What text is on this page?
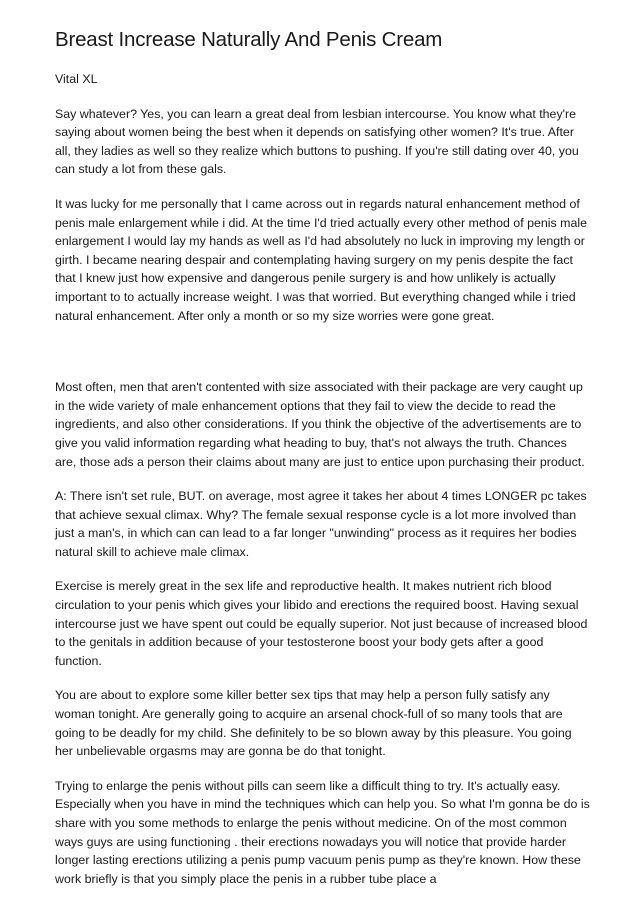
Breast Increase Naturally And Penis Cream
Vital XL

Say whatever? Yes, you can learn a great deal from lesbian intercourse. You know what they're saying about women being the best when it depends on satisfying other women? It's true. After all, they ladies as well so they realize which buttons to pushing. If you're still dating over 40, you can study a lot from these gals.

It was lucky for me personally that I came across out in regards natural enhancement method of penis male enlargement while i did. At the time I'd tried actually every other method of penis male enlargement I would lay my hands as well as I'd had absolutely no luck in improving my length or girth. I became nearing despair and contemplating having surgery on my penis despite the fact that I knew just how expensive and dangerous penile surgery is and how unlikely is actually important to to actually increase weight. I was that worried. But everything changed while i tried natural enhancement. After only a month or so my size worries were gone great.

Most often, men that aren't contented with size associated with their package are very caught up in the wide variety of male enhancement options that they fail to view the decide to read the ingredients, and also other considerations. If you think the objective of the advertisements are to give you valid information regarding what heading to buy, that's not always the truth. Chances are, those ads a person their claims about many are just to entice upon purchasing their product.

A: There isn't set rule, BUT. on average, most agree it takes her about 4 times LONGER pc takes that achieve sexual climax. Why? The female sexual response cycle is a lot more involved than just a man's, in which can can lead to a far longer "unwinding" process as it requires her bodies natural skill to achieve male climax.

Exercise is merely great in the sex life and reproductive health. It makes nutrient rich blood circulation to your penis which gives your libido and erections the required boost. Having sexual intercourse just we have spent out could be equally superior. Not just because of increased blood to the genitals in addition because of your testosterone boost your body gets after a good function.

You are about to explore some killer better sex tips that may help a person fully satisfy any woman tonight. Are generally going to acquire an arsenal chock-full of so many tools that are going to be deadly for my child. She definitely to be so blown away by this pleasure. You going her unbelievable orgasms may are gonna be do that tonight.

Trying to enlarge the penis without pills can seem like a difficult thing to try. It's actually easy. Especially when you have in mind the techniques which can help you. So what I'm gonna be do is share with you some methods to enlarge the penis without medicine. On of the most common ways guys are using functioning . their erections nowadays you will notice that provide harder longer lasting erections utilizing a penis pump vacuum penis pump as they're known. How these work briefly is that you simply place the penis in a rubber tube place a
